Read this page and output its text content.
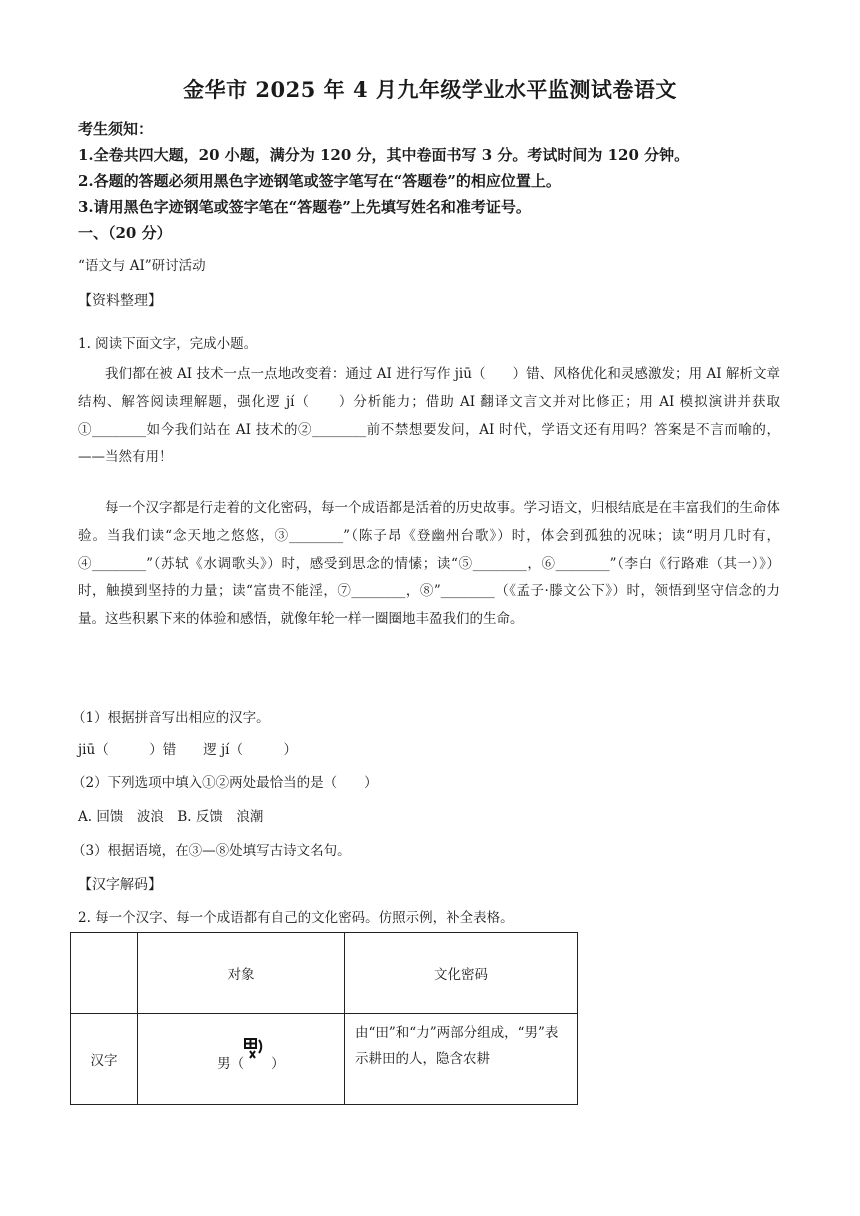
金华市 2025 年 4 月九年级学业水平监测试卷语文
考生须知：
1.全卷共四大题，20 小题，满分为 120 分，其中卷面书写 3 分。考试时间为 120 分钟。
2.各题的答题必须用黑色字迹钢笔或签字笔写在“答题卷”的相应位置上。
3.请用黑色字迹钢笔或签字笔在“答题卷”上先填写姓名和准考证号。
一、（20 分）
“语文与 AI”研讨活动
【资料整理】
1. 阅读下面文字，完成小题。
我们都在被 AI 技术一点一点地改变着：通过 AI 进行写作 jiū（　　）错、风格优化和灵感激发；用 AI 解析文章结构、解答阅读理解题，强化逻 jí（　　）分析能力；借助 AI 翻译文言文并对比修正；用 AI 模拟演讲并获取①________如今我们站在 AI 技术的②________前不禁想要发问，AI 时代，学语文还有用吗？答案是不言而喻的，——当然有用！
每一个汉字都是行走着的文化密码，每一个成语都是活着的历史故事。学习语文，归根结底是在丰富我们的生命体验。当我们读“念天地之悠悠，③________”（陈子昂《登幽州台歌》）时，体会到孤独的况味；读“明月几时有，④________”（苏轼《水调歌头》）时，感受到思念的情愫；读“⑤________，⑥________”（李白《行路难（其一）》）时，触摸到坚持的力量；读“富贵不能淫，⑦________，⑧”________（《孟子·滕文公下》）时，领悟到坚守信念的力量。这些积累下来的体验和感悟，就像年轮一样一圈圈地丰盈我们的生命。
（1）根据拼音写出相应的汉字。
jiū（　　　）错　　逻 jí（　　　）
（2）下列选项中填入①②两处最恰当的是（　　）
A. 回馈　波浪　B. 反馈　浪潮
（3）根据语境，在③—⑧处填写古诗文名句。
【汉字解码】
2. 每一个汉字、每一个成语都有自己的文化密码。仿照示例，补全表格。
	对象	文化密码
汉字	男（　　）	由“田”和“力”两部分组成，“男”表示耕田的人，隐含农耕
